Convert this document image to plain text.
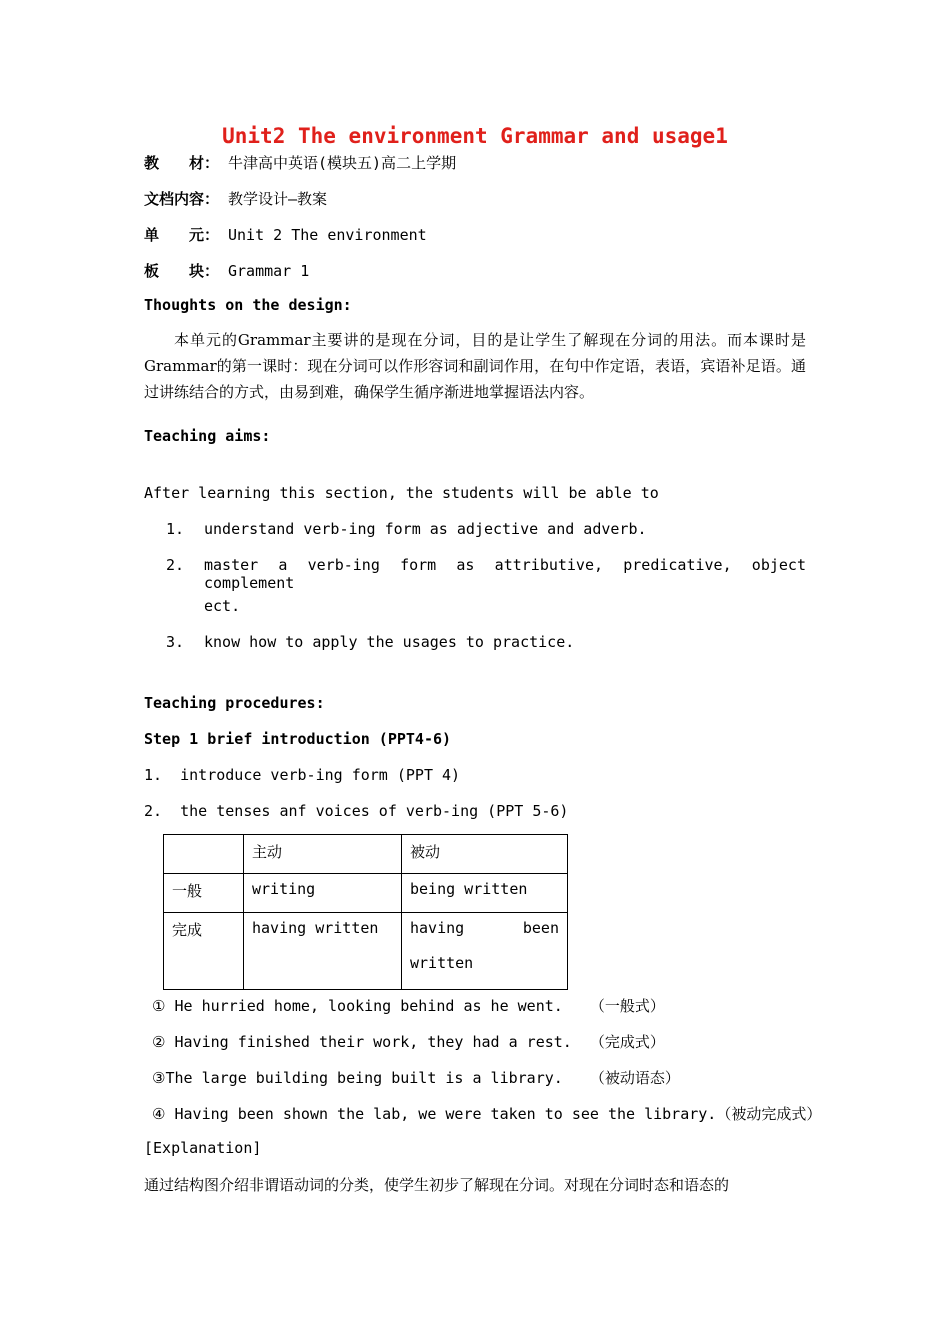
Unit2 The environment Grammar and usage1
教　　材： 牛津高中英语(模块五)高二上学期
文档内容： 教学设计—教案
单　　元： Unit 2 The environment
板　　块： Grammar 1
Thoughts on the design:

本单元的Grammar主要讲的是现在分词，目的是让学生了解现在分词的用法。而本课时是Grammar的第一课时：现在分词可以作形容词和副词作用，在句中作定语，表语，宾语补足语。通过讲练结合的方式，由易到难，确保学生循序渐进地掌握语法内容。

Teaching aims:
After learning this section, the students will be able to
1. understand verb-ing form as adjective and adverb.
2. master a verb-ing form as attributive, predicative, object complement
ect.
3. know how to apply the usages to practice.
Teaching procedures:
Step 1 brief introduction (PPT4-6)
1.  introduce verb-ing form (PPT 4)
2.  the tenses anf voices of verb-ing (PPT 5-6)
	主动	被动
一般	writing	being written
完成	having written	having been
written
① He hurried home, looking behind as he went.   （一般式）
② Having finished their work, they had a rest.  （完成式）
③The large building being built is a library.   （被动语态）
④ Having been shown the lab, we were taken to see the library.（被动完成式）
[Explanation]
通过结构图介绍非谓语动词的分类，使学生初步了解现在分词。对现在分词时态和语态的
